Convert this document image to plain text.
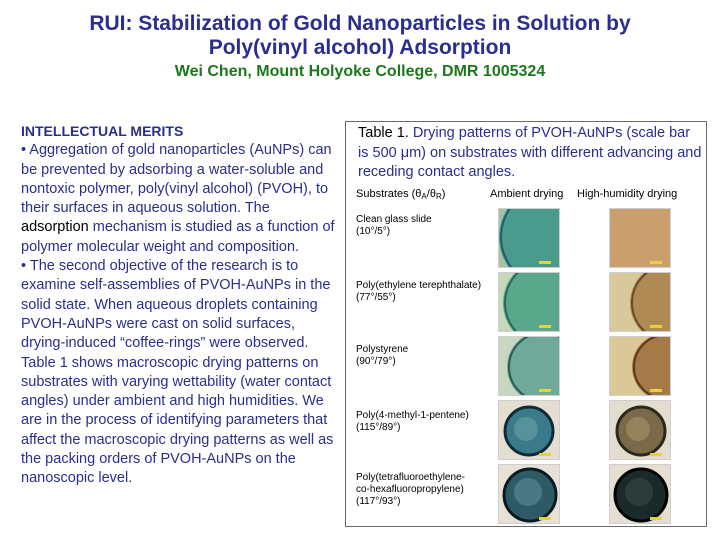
RUI: Stabilization of Gold Nanoparticles in Solution by
Poly(vinyl alcohol) Adsorption
Wei Chen, Mount Holyoke College, DMR 1005324
INTELLECTUAL MERITS
• Aggregation of gold nanoparticles (AuNPs) can be prevented by adsorbing a water-soluble and nontoxic polymer, poly(vinyl alcohol) (PVOH), to their surfaces in aqueous solution. The adsorption mechanism is studied as a function of polymer molecular weight and composition.
• The second objective of the research is to examine self-assemblies of PVOH-AuNPs in the solid state. When aqueous droplets containing PVOH-AuNPs were cast on solid surfaces, drying-induced “coffee-rings” were observed. Table 1 shows macroscopic drying patterns on substrates with varying wettability (water contact angles) under ambient and high humidities. We are in the process of identifying parameters that affect the macroscopic drying patterns as well as the packing orders of PVOH-AuNPs on the nanoscopic level.
Table 1. Drying patterns of PVOH-AuNPs (scale bar is 500 μm) on substrates with different advancing and receding contact angles.
Substrates (θA/θR)	Ambient drying High-humidity drying
Clean glass slide
(10°/5°)
Poly(ethylene terephthalate)
(77°/55°)
Polystyrene
(90°/79°)
Poly(4-methyl-1-pentene)
(115°/89°)
Poly(tetrafluoroethylene-
co-hexafluoropropylene)
(117°/93°)
